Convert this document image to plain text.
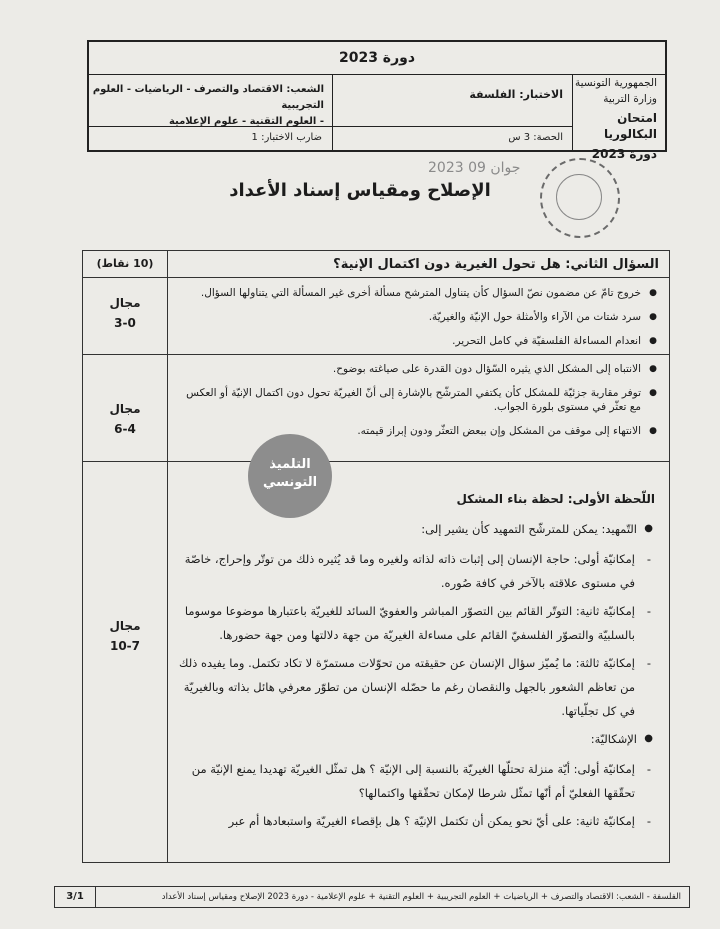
دورة 2023
الجمهورية التونسية
وزارة التربية
امتحان البكالوريا
دورة 2023
الاختبار: الفلسفة
الشعب: الاقتصاد والتصرف - الرياضيات - العلوم التجريبية
- العلوم التقنية - علوم الإعلامية
الحصة: 3 س
ضارب الاختبار: 1
2023 جوان 09
الإصلاح ومقياس إسناد الأعداد
(10 نقاط)	السؤال الثاني: هل تحول الغيرية دون اكتمال الإنية؟
مجال
3-0
● خروج تامّ عن مضمون نصّ السؤال كأن يتناول المترشح مسألة أخرى غير المسألة التي يتناولها السؤال.
● سرد شتات من الآراء والأمثلة حول الإنيّة والغيريّة.
● انعدام المساءلة الفلسفيّة في كامل التحرير.
مجال
6-4
● الانتباه إلى المشكل الذي يثيره السّؤال دون القدرة على صياغته بوضوح.
● توفر مقاربة جزئيّة للمشكل كأن يكتفي المترشّح بالإشارة إلى أنّ الغيريّة تحول دون اكتمال الإنيّة أو العكس مع تعثّر في مستوى بلورة الجواب.
● الانتهاء إلى موقف من المشكل وإن ببعض التعثّر ودون إبراز قيمته.
مجال
10-7
اللّحظة الأولى: لحظة بناء المشكل
● التّمهيد: يمكن للمترشّح التمهيد كأن يشير إلى:
- إمكانيّة أولى: حاجة الإنسان إلى إثبات ذاته لذاته ولغيره وما قد يُثيره ذلك من توتّر وإحراج، خاصّة في مستوى علاقته بالآخر في كافة صُوره.
- إمكانيّة ثانية: التوتّر القائم بين التصوّر المباشر والعفويّ السائد للغيريّة باعتبارها موضوعا موسوما بالسلبيّة والتصوّر الفلسفيّ القائم على مساءلة الغيريّة من جهة دلالتها ومن جهة حضورها.
- إمكانيّة ثالثة: ما يُميّز سؤال الإنسان عن حقيقته من تحوّلات مستمرّة لا تكاد تكتمل. وما يفيده ذلك من تعاظم الشعور بالجهل والنقصان رغم ما حصّله الإنسان من تطوّر معرفي هائل بذاته وبالغيريّة في كل تجلّياتها.
● الإشكاليّة:
- إمكانيّة أولى: أيّة منزلة تحتلّها الغيريّة بالنسبة إلى الإنيّة ؟ هل تمثّل الغيريّة تهديدا يمنع الإنيّة من تحقّقها الفعليّ أم أنّها تمثّل شرطا لإمكان تحقّقها واكتمالها؟
- إمكانيّة ثانية: على أيّ نحو يمكن أن تكتمل الإنيّة ؟ هل بإقصاء الغيريّة واستبعادها أم عبر
التلميذ
التونسي
الفلسفة - الشعب: الاقتصاد والتصرف + الرياضيات + العلوم التجريبية + العلوم التقنية + علوم الإعلامية - دورة 2023 الإصلاح ومقياس إسناد الأعداد
3/1
